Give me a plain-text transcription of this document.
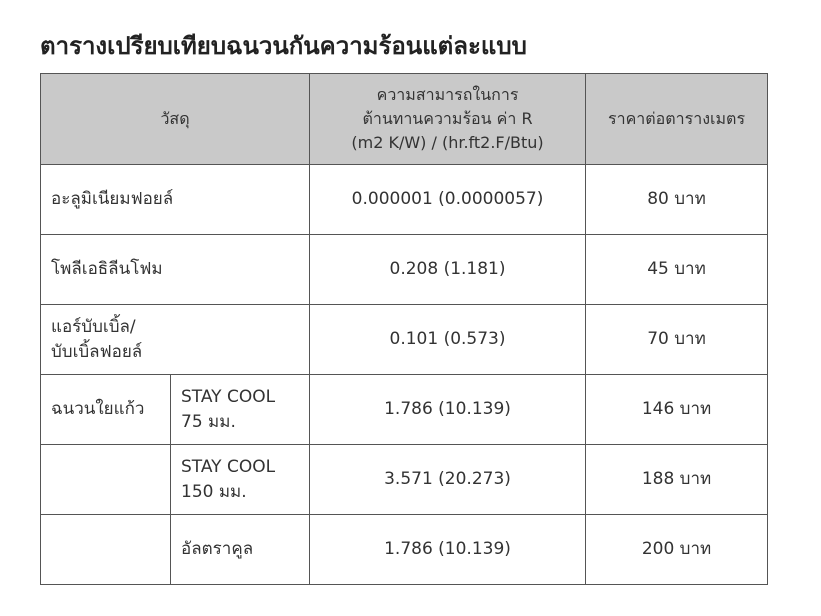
ตารางเปรียบเทียบฉนวนกันความร้อนแต่ละแบบ
วัสดุ		ความสามารถในการ
ต้านทานความร้อน ค่า R
(m2 K/W) / (hr.ft2.F/Btu)	ราคาต่อตารางเมตร
อะลูมิเนียมฟอยล์		0.000001 (0.0000057)	80 บาท
โพลีเอธิลีนโฟม		0.208 (1.181)	45 บาท

แอร์บับเบิ้ล/
บับเบิ้ลฟอยล์		0.101 (0.573)	70 บาท
ฉนวนใยแก้ว	STAY COOL
75 มม.	1.786 (10.139)	146 บาท

	STAY COOL
150 มม.	3.571 (20.273)	188 บาท
	อัลตราคูล	1.786 (10.139)	200 บาท
